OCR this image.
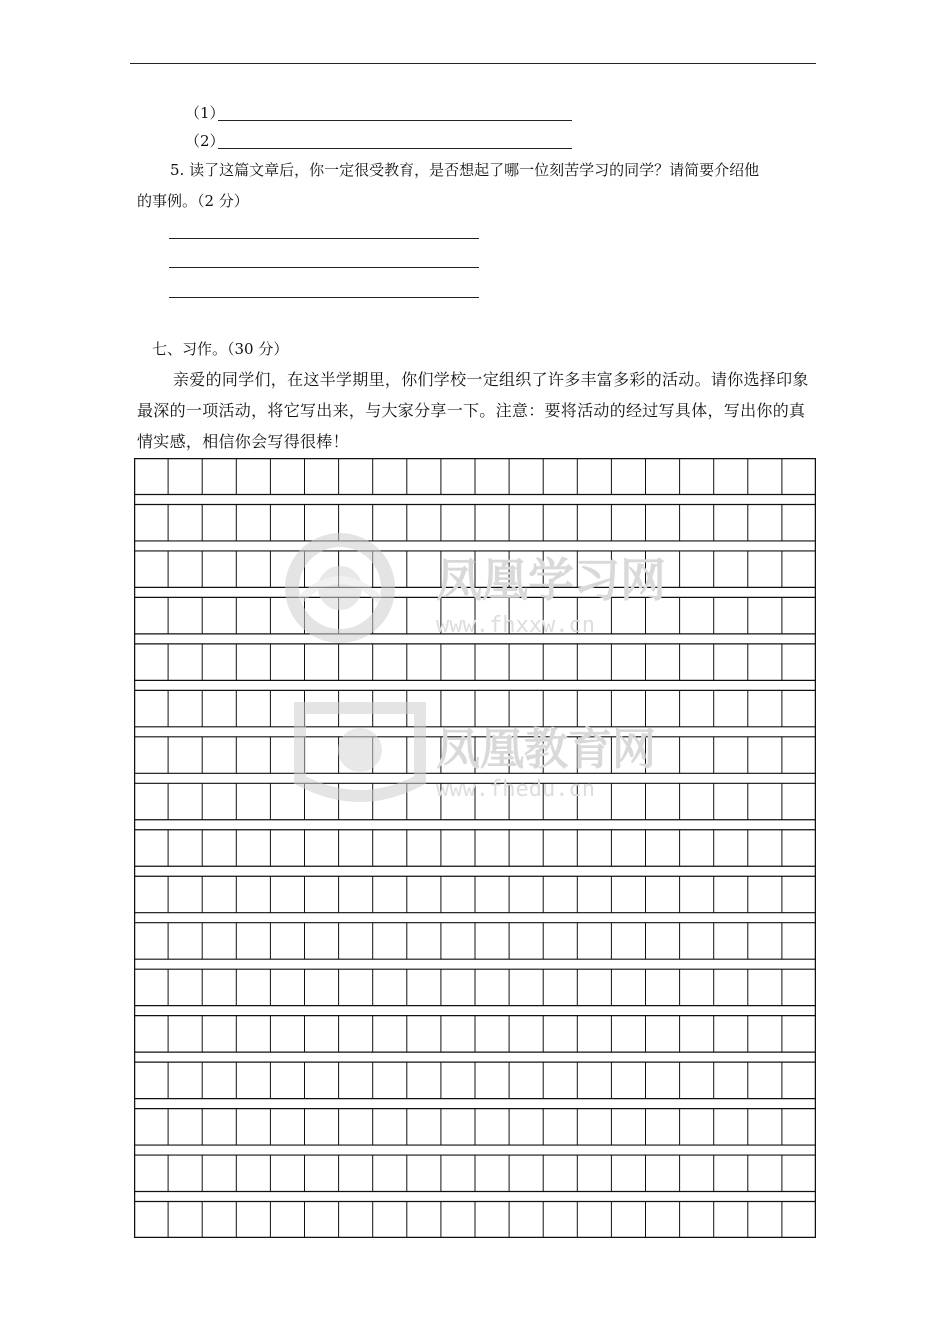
（1）
（2）
5. 读了这篇文章后，你一定很受教育，是否想起了哪一位刻苦学习的同学？请简要介绍他
的事例。（2 分）
七、习作。（30 分）
亲爱的同学们，在这半学期里，你们学校一定组织了许多丰富多彩的活动。请你选择印象最深的一项活动，将它写出来，与大家分享一下。注意：要将活动的经过写具体，写出你的真情实感，相信你会写得很棒！
凤凰学习网
www.fhxxw.cn
凤凰教育网
www.fhedu.cn
